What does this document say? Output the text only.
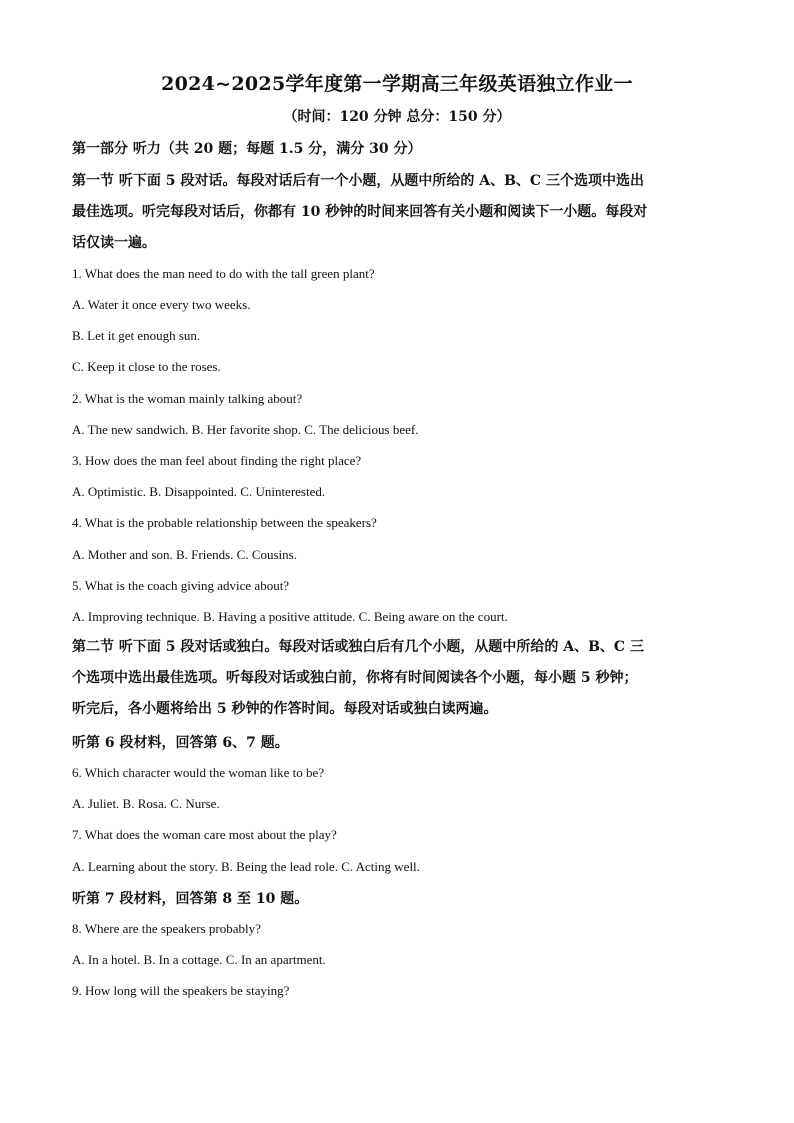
2024~2025学年度第一学期高三年级英语独立作业一
（时间：120 分钟 总分：150 分）
第一部分 听力（共 20 题；每题 1.5 分，满分 30 分）
第一节 听下面 5 段对话。每段对话后有一个小题，从题中所给的 A、B、C 三个选项中选出
最佳选项。听完每段对话后，你都有 10 秒钟的时间来回答有关小题和阅读下一小题。每段对
话仅读一遍。
1. What does the man need to do with the tall green plant?
A. Water it once every two weeks.
B. Let it get enough sun.
C. Keep it close to the roses.
2. What is the woman mainly talking about?
A. The new sandwich. B. Her favorite shop. C. The delicious beef.
3. How does the man feel about finding the right place?
A. Optimistic. B. Disappointed. C. Uninterested.
4. What is the probable relationship between the speakers?
A. Mother and son. B. Friends. C. Cousins.
5. What is the coach giving advice about?
A. Improving technique. B. Having a positive attitude. C. Being aware on the court.
第二节 听下面 5 段对话或独白。每段对话或独白后有几个小题，从题中所给的 A、B、C 三
个选项中选出最佳选项。听每段对话或独白前，你将有时间阅读各个小题，每小题 5 秒钟；
听完后，各小题将给出 5 秒钟的作答时间。每段对话或独白读两遍。
听第 6 段材料，回答第 6、7 题。
6. Which character would the woman like to be?
A. Juliet. B. Rosa. C. Nurse.
7. What does the woman care most about the play?
A. Learning about the story. B. Being the lead role. C. Acting well.
听第 7 段材料，回答第 8 至 10 题。
8. Where are the speakers probably?
A. In a hotel. B. In a cottage. C. In an apartment.
9. How long will the speakers be staying?
